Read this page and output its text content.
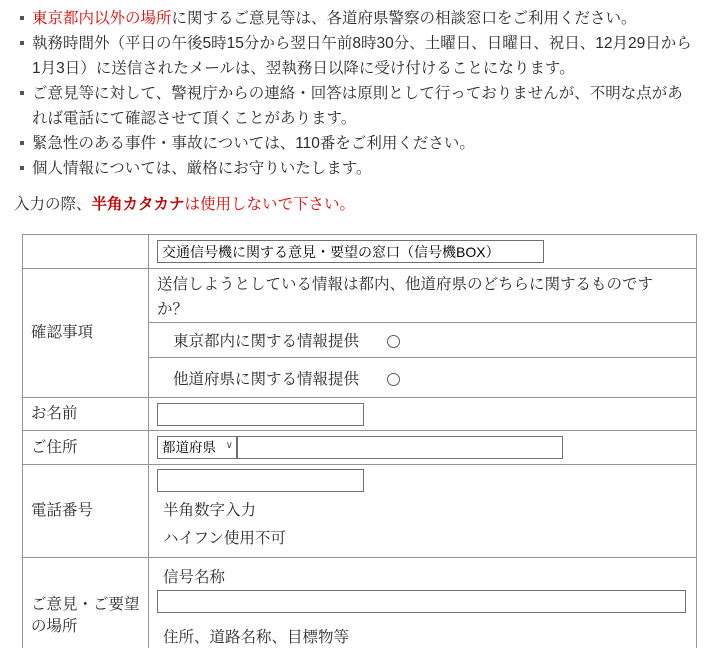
東京都内以外の場所に関するご意見等は、各道府県警察の相談窓口をご利用ください。
執務時間外（平日の午後5時15分から翌日午前8時30分、土曜日、日曜日、祝日、12月29日から1月3日）に送信されたメールは、翌執務日以降に受け付けることになります。
ご意見等に対して、警視庁からの連絡・回答は原則として行っておりませんが、不明な点があれば電話にて確認させて頂くことがあります。
緊急性のある事件・事故については、110番をご利用ください。
個人情報については、厳格にお守りいたします。

入力の際、半角カタカナは使用しないで下さい。

交通信号機に関する意見・要望の窓口（信号機BOX）
確認事項	送信しようとしている情報は都内、他道府県のどちらに関するものですか？

	東京都内に関する情報提供

	他道府県に関する情報提供

お名前	

ご住所	
都道府県∨

電話番号	半角数字入力
ハイフン使用不可

ご意見・ご要望の場所	信号名称
住所、道路名称、目標物等
